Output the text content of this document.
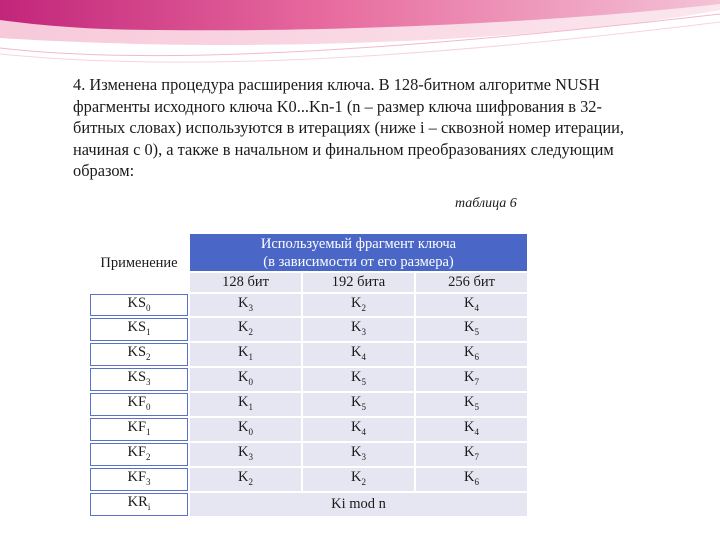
4. Изменена процедура расширения ключа. В 128-битном алгоритме NUSH

фрагменты исходного ключа K0...Kn-1 (n – размер ключа шифрования в 32-

битных словах) используются в итерациях (ниже i – сквозной номер итерации,

начиная с 0), а также в начальном и финальном преобразованиях следующим

образом:

таблица 6
Применение	Используемый фрагмент ключа
(в зависимости от его размера)		

	128 бит	192 бита	256 бит
$KS_0$	$K_3$	$K_2$	$K_4$
$KS_1$	$K_2$	$K_3$	$K_5$
$KS_2$	$K_1$	$K_4$	$K_6$
$KS_3$	$K_0$	$K_5$	$K_7$
$KF_0$	$K_1$	$K_5$	$K_5$
$KF_1$	$K_0$	$K_4$	$K_4$
$KF_2$	$K_3$	$K_3$	$K_7$
$KF_3$	$K_2$	$K_2$	$K_6$
$KR_i$	Ki mod n		
